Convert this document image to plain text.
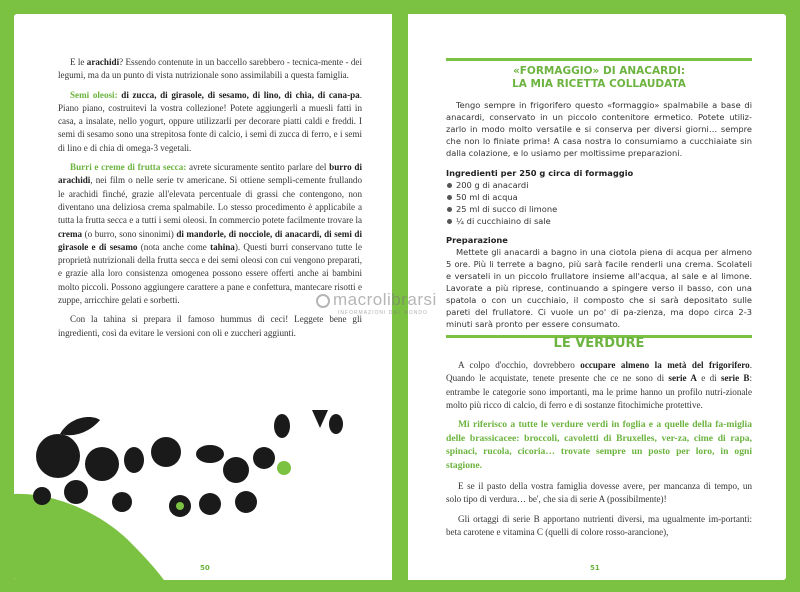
E le arachidi? Essendo contenute in un baccello sarebbero - tecnica-mente - dei legumi, ma da un punto di vista nutrizionale sono assimilabili a questa famiglia.

Semi oleosi: di zucca, di girasole, di sesamo, di lino, di chia, di cana-pa. Piano piano, costruitevi la vostra collezione! Potete aggiungerli a muesli fatti in casa, a insalate, nello yogurt, oppure utilizzarli per decorare piatti caldi e freddi. I semi di sesamo sono una strepitosa fonte di calcio, i semi di zucca di ferro, e i semi di lino e di chia di omega-3 vegetali.

Burri e creme di frutta secca: avrete sicuramente sentito parlare del burro di arachidi, nei film o nelle serie tv americane. Si ottiene sempli-cemente frullando le arachidi finché, grazie all'elevata percentuale di grassi che contengono, non diventano una deliziosa crema spalmabile. Lo stesso procedimento è applicabile a tutta la frutta secca e a tutti i semi oleosi. In commercio potete facilmente trovare la crema (o burro, sono sinonimi) di mandorle, di nocciole, di anacardi, di semi di girasole e di sesamo (nota anche come tahina). Questi burri conservano tutte le proprietà nutrizionali della frutta secca e dei semi oleosi con cui vengono preparati, e grazie alla loro consistenza omogenea possono essere offerti anche ai bambini molto piccoli. Possono aggiungere carattere a pane e confettura, mantecare risotti e zuppe, arricchire gelati e sorbetti.

Con la tahina si prepara il famoso hummus di ceci! Leggete bene gli ingredienti, così da evitare le versioni con oli e zuccheri aggiunti.

50
«FORMAGGIO» DI ANACARDI:
LA MIA RICETTA COLLAUDATA

Tengo sempre in frigorifero questo «formaggio» spalmabile a base di anacardi, conservato in un piccolo contenitore ermetico. Potete utiliz-zarlo in modo molto versatile e si conserva per diversi giorni… sempre che non lo finiate prima! A casa nostra lo consumiamo a cucchiaiate sin dalla colazione, e lo usiamo per moltissime preparazioni.

Ingredienti per 250 g circa di formaggio
200 g di anacardi
50 ml di acqua
25 ml di succo di limone
¼ di cucchiaino di sale
Preparazione

Mettete gli anacardi a bagno in una ciotola piena di acqua per almeno 5 ore. Più li terrete a bagno, più sarà facile renderli una crema. Scolateli e versateli in un piccolo frullatore insieme all'acqua, al sale e al limone. Lavorate a più riprese, continuando a spingere verso il basso, con una spatola o con un cucchiaio, il composto che si sarà depositato sulle pareti del frullatore. Ci vuole un po' di pa-zienza, ma dopo circa 2-3 minuti sarà pronto per essere consumato.

LE VERDURE

A colpo d'occhio, dovrebbero occupare almeno la metà del frigorifero. Quando le acquistate, tenete presente che ce ne sono di serie A e di serie B: entrambe le categorie sono importanti, ma le prime hanno un profilo nutri-zionale molto più ricco di calcio, di ferro e di sostanze fitochimiche protettive.

Mi riferisco a tutte le verdure verdi in foglia e a quelle della fa-miglia delle brassicacee: broccoli, cavoletti di Bruxelles, ver-za, cime di rapa, spinaci, rucola, cicoria… trovate sempre un posto per loro, in ogni stagione.

E se il pasto della vostra famiglia dovesse avere, per mancanza di tempo, un solo tipo di verdura… be', che sia di serie A (possibilmente)!

Gli ortaggi di serie B apportano nutrienti diversi, ma ugualmente im-portanti: beta carotene e vitamina C (quelli di colore rosso-arancione),

51
macrolibrarsi
INFORMAZIONI DAL MONDO
